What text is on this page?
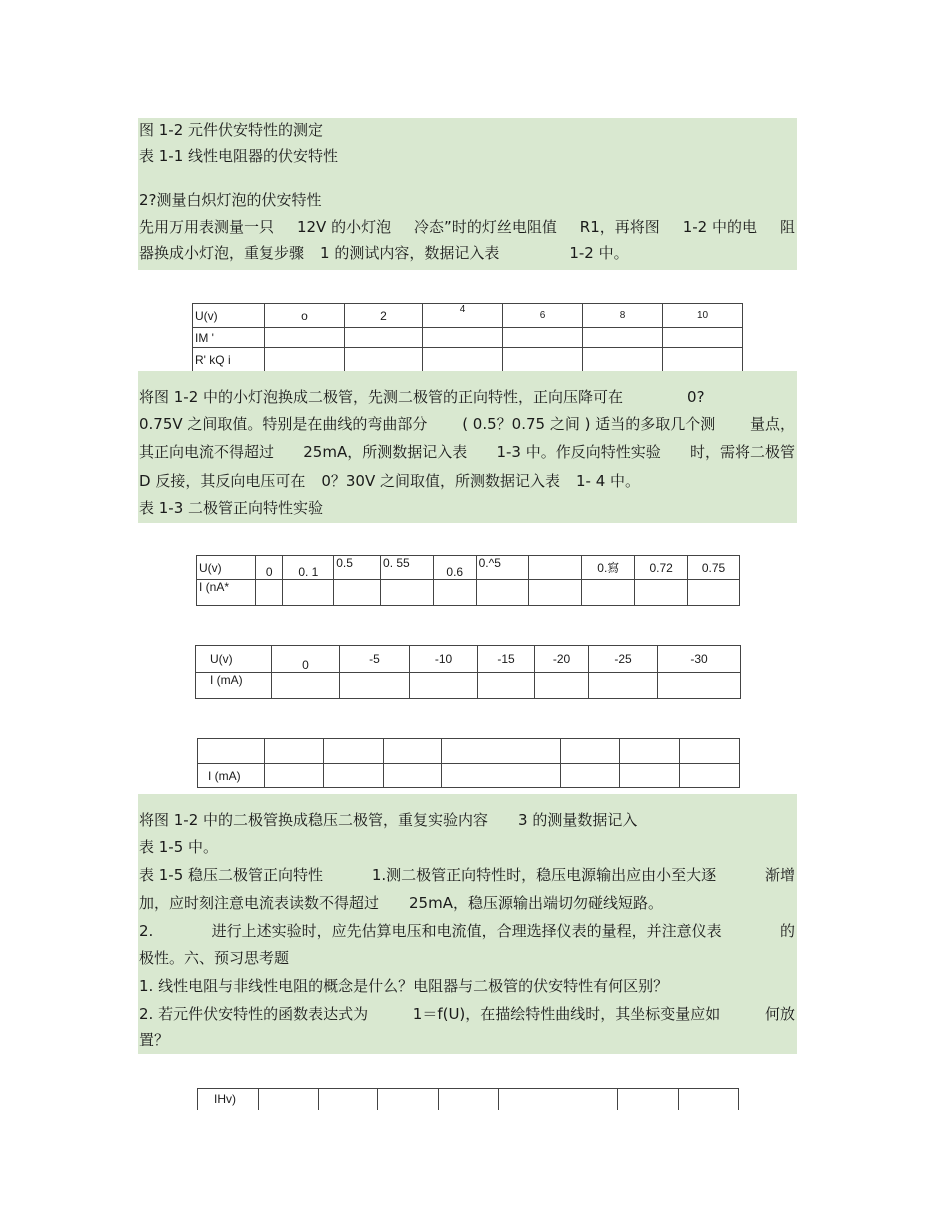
图 1-2 元件伏安特性的测定
表 1-1 线性电阻器的伏安特性
2?测量白炽灯泡的伏安特性
先用万用表测量一只 12V 的小灯泡 冷态”时的灯丝电阻值 R1，再将图 1-2 中的电 阻
器换成小灯泡，重复步骤 1 的测试内容，数据记入表	1-2 中。
U(v)	o	2	4	6	8	10
IM '						
R' kQ i						
将图 1-2 中的小灯泡换成二极管，先测二极管的正向特性，正向压降可在	0?
0.75V 之间取值。特别是在曲线的弯曲部分 ( 0.5？0.75 之间 ) 适当的多取几个测 量点，
其正向电流不得超过 25mA，所测数据记入表 1-3 中。作反向特性实验 时，需将二极管
D 反接，其反向电压可在 0？30V 之间取值，所测数据记入表 1- 4 中。
表 1-3 二极管正向特性实验
U(v)	0	0. 1	0.5	0. 55	0.6	0.^5		0.寫	0.72	0.75
I (nA*										
U(v)	0	-5	-10	-15	-20	-25	-30
I (mA)							

I (mA)							
将图 1-2 中的二极管换成稳压二极管，重复实验内容 3 的测量数据记入
表 1-5 中。
表 1-5 稳压二极管正向特性	1.测二极管正向特性时，稳压电源输出应由小至大逐	渐增
加，应时刻注意电流表读数不得超过 25mA，稳压源输出端切勿碰线短路。
2.	进行上述实验时，应先估算电压和电流值，合理选择仪表的量程，并注意仪表	的
极性。六、预习思考题
1. 线性电阻与非线性电阻的概念是什么？电阻器与二极管的伏安特性有何区别？
2. 若元件伏安特性的函数表达式为	1＝f(U)，在描绘特性曲线时，其坐标变量应如	何放
置？
IHv)							
